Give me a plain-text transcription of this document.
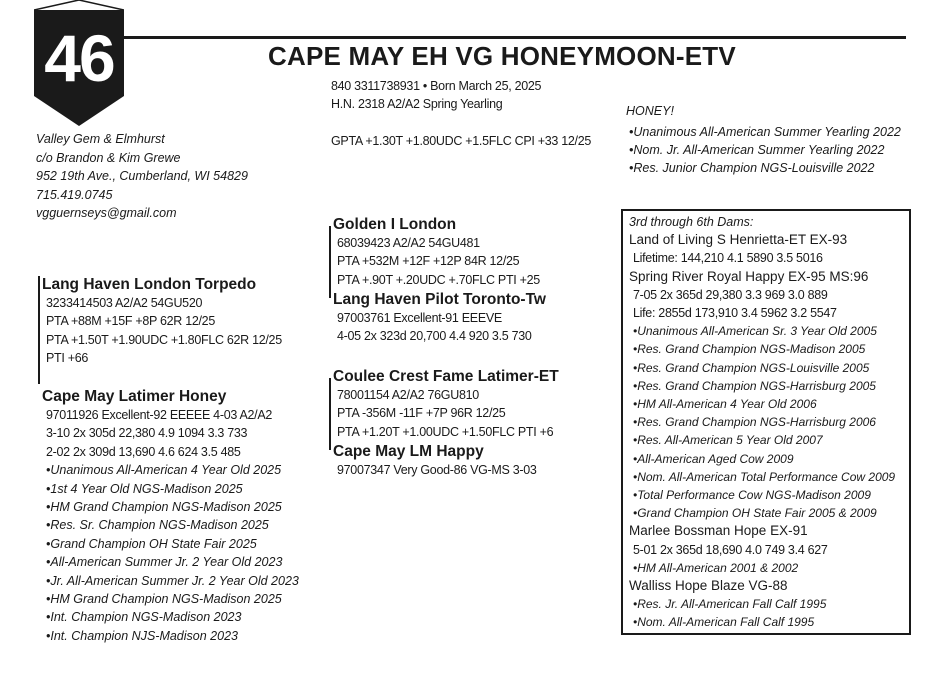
46	CAPE MAY EH VG HONEYMOON-ETV
840 3311738931 • Born March 25, 2025
H.N. 2318 A2/A2 Spring Yearling
GPTA +1.30T +1.80UDC +1.5FLC CPI +33 12/25
Valley Gem & Elmhurst
c/o Brandon & Kim Grewe
952 19th Ave., Cumberland, WI 54829
715.419.0745
vgguernseys@gmail.com
HONEY!
•Unanimous All-American Summer Yearling 2022
•Nom. Jr. All-American Summer Yearling 2022
•Res. Junior Champion NGS-Louisville 2022
Lang Haven London Torpedo
3233414503 A2/A2 54GU520
PTA +88M +15F +8P 62R 12/25
PTA +1.50T +1.90UDC +1.80FLC 62R 12/25
PTI +66
Cape May Latimer Honey
97011926 Excellent-92 EEEEE 4-03 A2/A2
3-10 2x 305d 22,380 4.9 1094 3.3 733
2-02 2x 309d 13,690 4.6 624 3.5 485
•Unanimous All-American 4 Year Old 2025
•1st 4 Year Old NGS-Madison 2025
•HM Grand Champion NGS-Madison 2025
•Res. Sr. Champion NGS-Madison 2025
•Grand Champion OH State Fair 2025
•All-American Summer Jr. 2 Year Old 2023
•Jr. All-American Summer Jr. 2 Year Old 2023
•HM Grand Champion NGS-Madison 2025
•Int. Champion NGS-Madison 2023
•Int. Champion NJS-Madison 2023
Golden I London
68039423 A2/A2 54GU481
PTA +532M +12F +12P 84R 12/25
PTA +.90T +.20UDC +.70FLC PTI +25
Lang Haven Pilot Toronto-Tw
97003761 Excellent-91 EEEVE
4-05 2x 323d 20,700 4.4 920 3.5 730
Coulee Crest Fame Latimer-ET
78001154 A2/A2 76GU810
PTA -356M -11F +7P 96R 12/25
PTA +1.20T +1.00UDC +1.50FLC PTI +6
Cape May LM Happy
97007347 Very Good-86 VG-MS 3-03
3rd through 6th Dams:
Land of Living S Henrietta-ET EX-93
Lifetime: 144,210 4.1 5890 3.5 5016
Spring River Royal Happy EX-95 MS:96
7-05 2x 365d 29,380 3.3 969 3.0 889
Life: 2855d 173,910 3.4 5962 3.2 5547
•Unanimous All-American Sr. 3 Year Old 2005
•Res. Grand Champion NGS-Madison 2005
•Res. Grand Champion NGS-Louisville 2005
•Res. Grand Champion NGS-Harrisburg 2005
•HM All-American 4 Year Old 2006
•Res. Grand Champion NGS-Harrisburg 2006
•Res. All-American 5 Year Old 2007
•All-American Aged Cow 2009
•Nom. All-American Total Performance Cow 2009
•Total Performance Cow NGS-Madison 2009
•Grand Champion OH State Fair 2005 & 2009
Marlee Bossman Hope EX-91
5-01 2x 365d 18,690 4.0 749 3.4 627
•HM All-American 2001 & 2002
Walliss Hope Blaze VG-88
•Res. Jr. All-American Fall Calf 1995
•Nom. All-American Fall Calf 1995
